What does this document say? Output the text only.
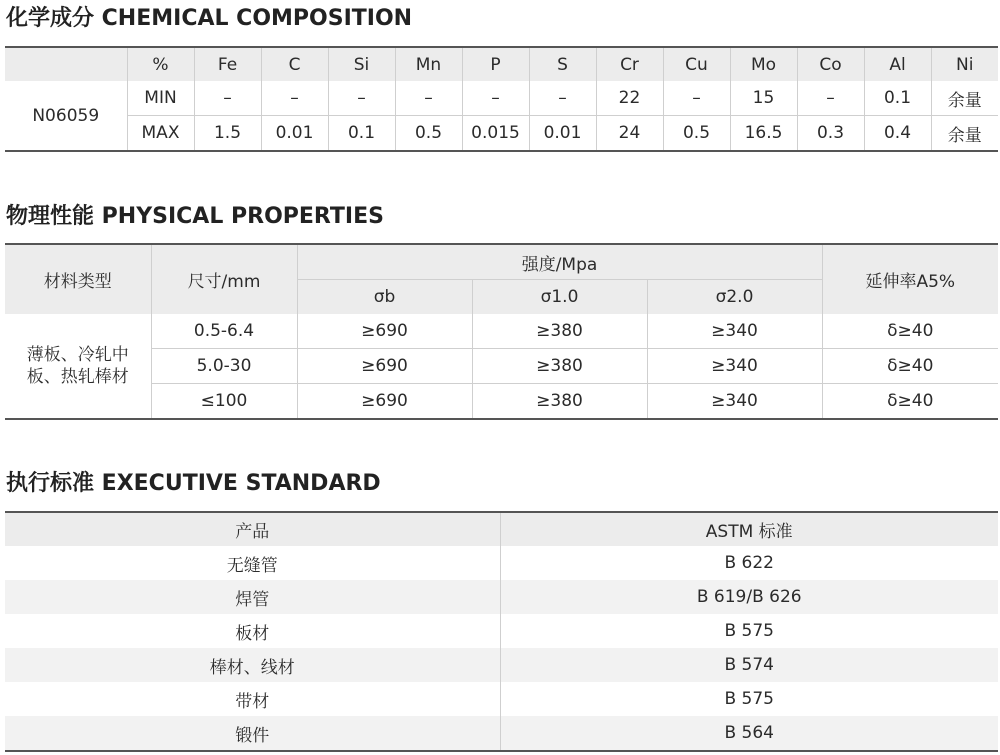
化学成分 CHEMICAL COMPOSITION
	%	Fe	C	Si	Mn	P	S	Cr	Cu	Mo	Co	Al	Ni
N06059	MIN	–	–	–	–	–	–	22	–	15	–	0.1	余量
	MAX	1.5	0.01	0.1	0.5	0.015	0.01	24	0.5	16.5	0.3	0.4	余量
物理性能 PHYSICAL PROPERTIES
材料类型	尺寸/mm	强度/Mpa			延伸率A5%
		σb	σ1.0	σ2.0	
薄板、冷轧中板、热轧棒材	0.5-6.4	≥690	≥380	≥340	δ≥40
	5.0-30	≥690	≥380	≥340	δ≥40
	≤100	≥690	≥380	≥340	δ≥40
执行标准 EXECUTIVE STANDARD
产品	ASTM 标准
无缝管	B 622
焊管	B 619/B 626
板材	B 575
棒材、线材	B 574
带材	B 575
锻件	B 564
